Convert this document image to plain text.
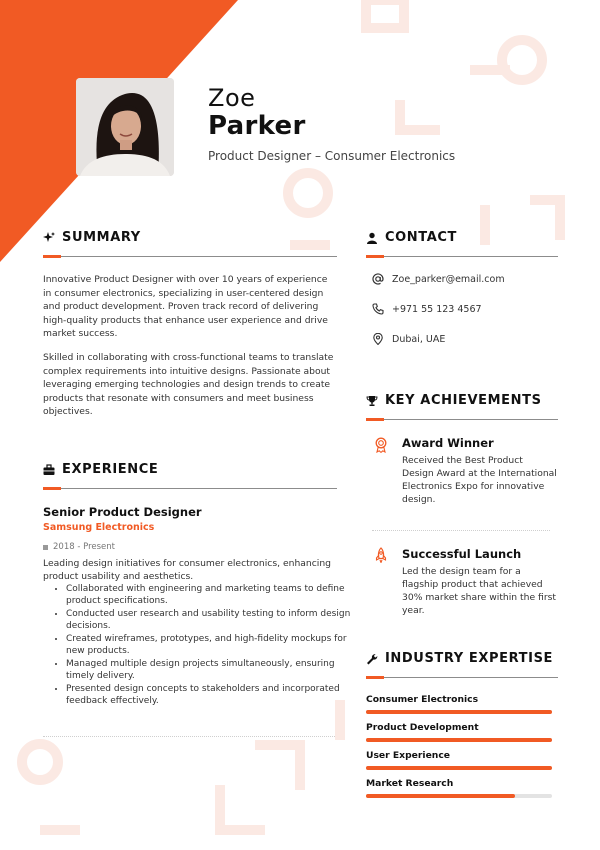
Zoe
Parker
Product Designer – Consumer Electronics
SUMMARY

Innovative Product Designer with over 10 years of experience in consumer electronics, specializing in user-centered design and product development. Proven track record of delivering high-quality products that enhance user experience and drive market success.

Skilled in collaborating with cross-functional teams to translate complex requirements into intuitive designs. Passionate about leveraging emerging technologies and design trends to create products that resonate with consumers and meet business objectives.

EXPERIENCE
Senior Product Designer
Samsung Electronics
2018 - Present
Leading design initiatives for consumer electronics, enhancing product usability and aesthetics.
• Collaborated with engineering and marketing teams to define product specifications.
• Conducted user research and usability testing to inform design decisions.
• Created wireframes, prototypes, and high-fidelity mockups for new products.
• Managed multiple design projects simultaneously, ensuring timely delivery.
• Presented design concepts to stakeholders and incorporated feedback effectively.
CONTACT
Zoe_parker@email.com
+971 55 123 4567
Dubai, UAE
KEY ACHIEVEMENTS
Award Winner
Received the Best Product Design Award at the International Electronics Expo for innovative design.
Successful Launch
Led the design team for a flagship product that achieved 30% market share within the first year.
INDUSTRY EXPERTISE
Consumer Electronics
Product Development
User Experience
Market Research
